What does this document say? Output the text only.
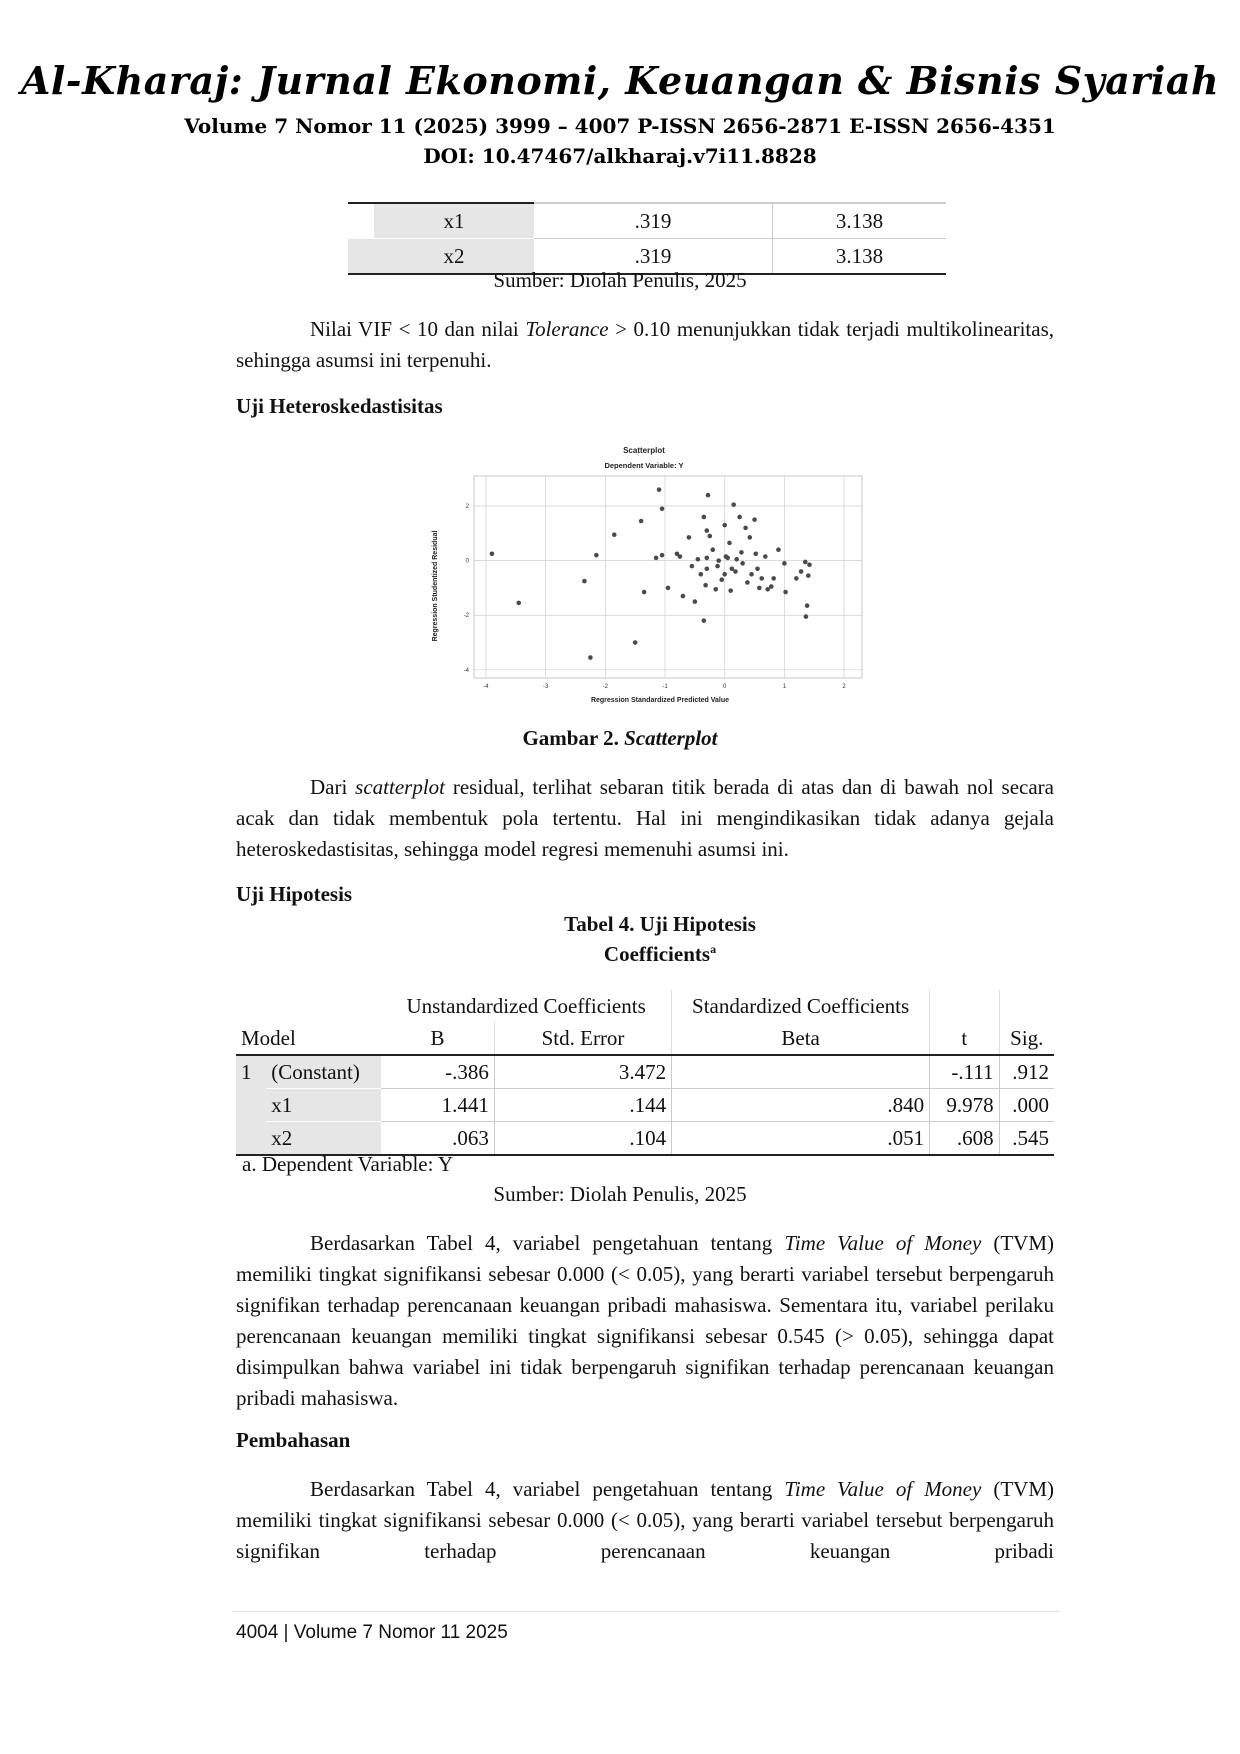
Al-Kharaj: Jurnal Ekonomi, Keuangan & Bisnis Syariah
Volume 7 Nomor 11 (2025) 3999 – 4007 P-ISSN 2656-2871 E-ISSN 2656-4351
DOI: 10.47467/alkharaj.v7i11.8828
	x1	.319	3.138
	x2	.319	3.138
Sumber: Diolah Penulis, 2025
Nilai VIF < 10 dan nilai Tolerance > 0.10 menunjukkan tidak terjadi multikolinearitas, sehingga asumsi ini terpenuhi.
Uji Heteroskedastisitas
Scatterplot
Dependent Variable: Y
Regression Studentized Residual
Regression Standardized Predicted Value
-4	-3	-2	-1	0	1	2
-4
-2
0
2
Gambar 2. Scatterplot
Dari scatterplot residual, terlihat sebaran titik berada di atas dan di bawah nol secara acak dan tidak membentuk pola tertentu. Hal ini mengindikasikan tidak adanya gejala heteroskedastisitas, sehingga model regresi memenuhi asumsi ini.
Uji Hipotesis
Tabel 4. Uji Hipotesis
Coefficients$^a$
		Unstandardized Coefficients		Standardized Coefficients		
Model		B	Std. Error	Beta	t	Sig.
1	(Constant)	-.386	3.472		-.111	.912
	x1	1.441	.144	.840	9.978	.000
	x2	.063	.104	.051	.608	.545
a. Dependent Variable: Y
Sumber: Diolah Penulis, 2025
Berdasarkan Tabel 4, variabel pengetahuan tentang Time Value of Money (TVM) memiliki tingkat signifikansi sebesar 0.000 (< 0.05), yang berarti variabel tersebut berpengaruh signifikan terhadap perencanaan keuangan pribadi mahasiswa. Sementara itu, variabel perilaku perencanaan keuangan memiliki tingkat signifikansi sebesar 0.545 (> 0.05), sehingga dapat disimpulkan bahwa variabel ini tidak berpengaruh signifikan terhadap perencanaan keuangan pribadi mahasiswa.
Pembahasan
Berdasarkan Tabel 4, variabel pengetahuan tentang Time Value of Money (TVM) memiliki tingkat signifikansi sebesar 0.000 (< 0.05), yang berarti variabel tersebut berpengaruh signifikan terhadap perencanaan keuangan pribadi
4004 | Volume 7 Nomor 11 2025
